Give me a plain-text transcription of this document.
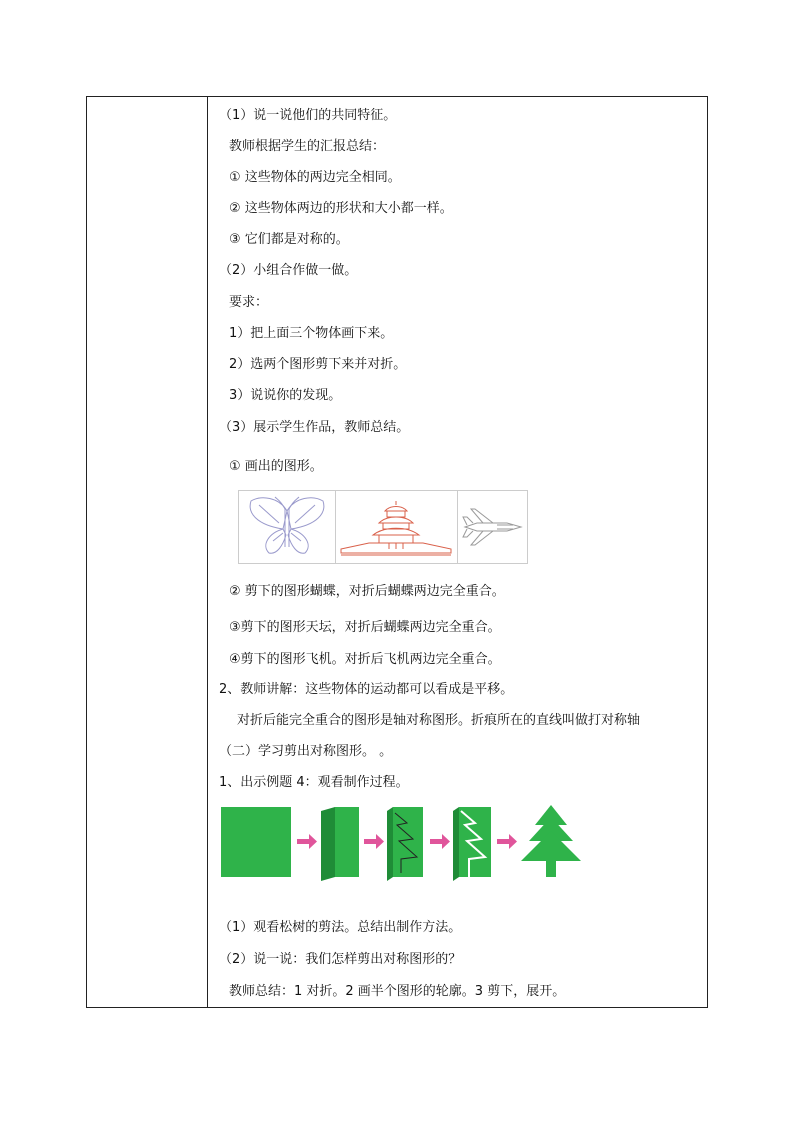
（1）说一说他们的共同特征。
教师根据学生的汇报总结：
① 这些物体的两边完全相同。
② 这些物体两边的形状和大小都一样。
③ 它们都是对称的。
（2）小组合作做一做。
要求：
1）把上面三个物体画下来。
2）选两个图形剪下来并对折。
3）说说你的发现。
（3）展示学生作品，教师总结。
① 画出的图形。
② 剪下的图形蝴蝶，对折后蝴蝶两边完全重合。
③剪下的图形天坛，对折后蝴蝶两边完全重合。
④剪下的图形飞机。对折后飞机两边完全重合。
2、教师讲解：这些物体的运动都可以看成是平移。
对折后能完全重合的图形是轴对称图形。折痕所在的直线叫做打对称轴
（二）学习剪出对称图形。 。
1、出示例题 4：观看制作过程。
（1）观看松树的剪法。总结出制作方法。
（2）说一说：我们怎样剪出对称图形的？
教师总结：1 对折。2 画半个图形的轮廓。3 剪下，展开。
